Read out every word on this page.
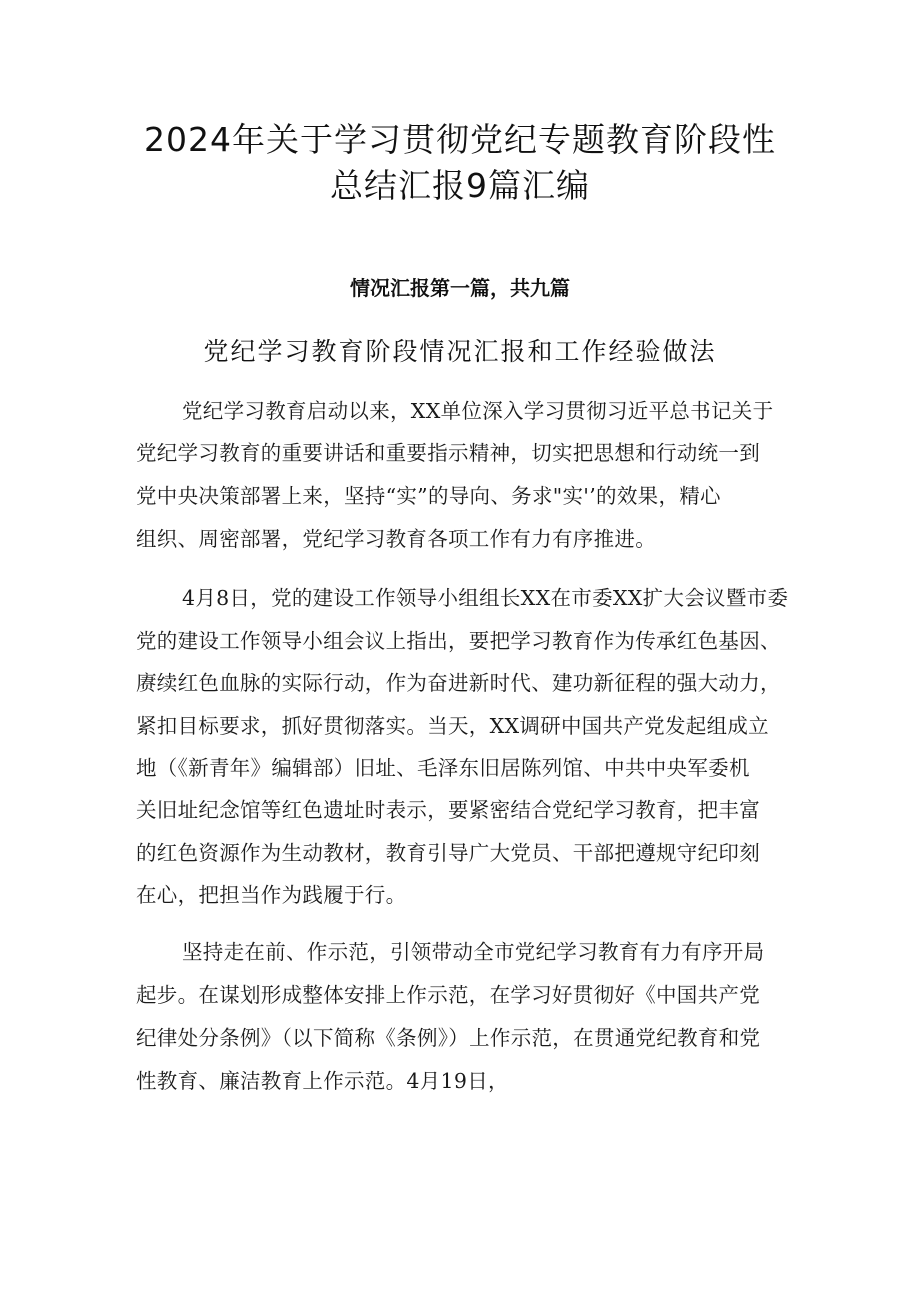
2024年关于学习贯彻党纪专题教育阶段性
总结汇报9篇汇编
情况汇报第一篇，共九篇
党纪学习教育阶段情况汇报和工作经验做法
党纪学习教育启动以来，XX单位深入学习贯彻习近平总书记关于
党纪学习教育的重要讲话和重要指示精神，切实把思想和行动统一到
党中央决策部署上来，坚持“实”的导向、务求"实'’的效果，精心
组织、周密部署，党纪学习教育各项工作有力有序推进。
4月8日，党的建设工作领导小组组长XX在市委XX扩大会议暨市委
党的建设工作领导小组会议上指出，要把学习教育作为传承红色基因、
赓续红色血脉的实际行动，作为奋进新时代、建功新征程的强大动力，
紧扣目标要求，抓好贯彻落实。当天，XX调研中国共产党发起组成立
地（《新青年》编辑部）旧址、毛泽东旧居陈列馆、中共中央军委机
关旧址纪念馆等红色遗址时表示，要紧密结合党纪学习教育，把丰富
的红色资源作为生动教材，教育引导广大党员、干部把遵规守纪印刻
在心，把担当作为践履于行。
坚持走在前、作示范，引领带动全市党纪学习教育有力有序开局
起步。在谋划形成整体安排上作示范，在学习好贯彻好《中国共产党
纪律处分条例》（以下简称《条例》）上作示范，在贯通党纪教育和党
性教育、廉洁教育上作示范。4月19日，
